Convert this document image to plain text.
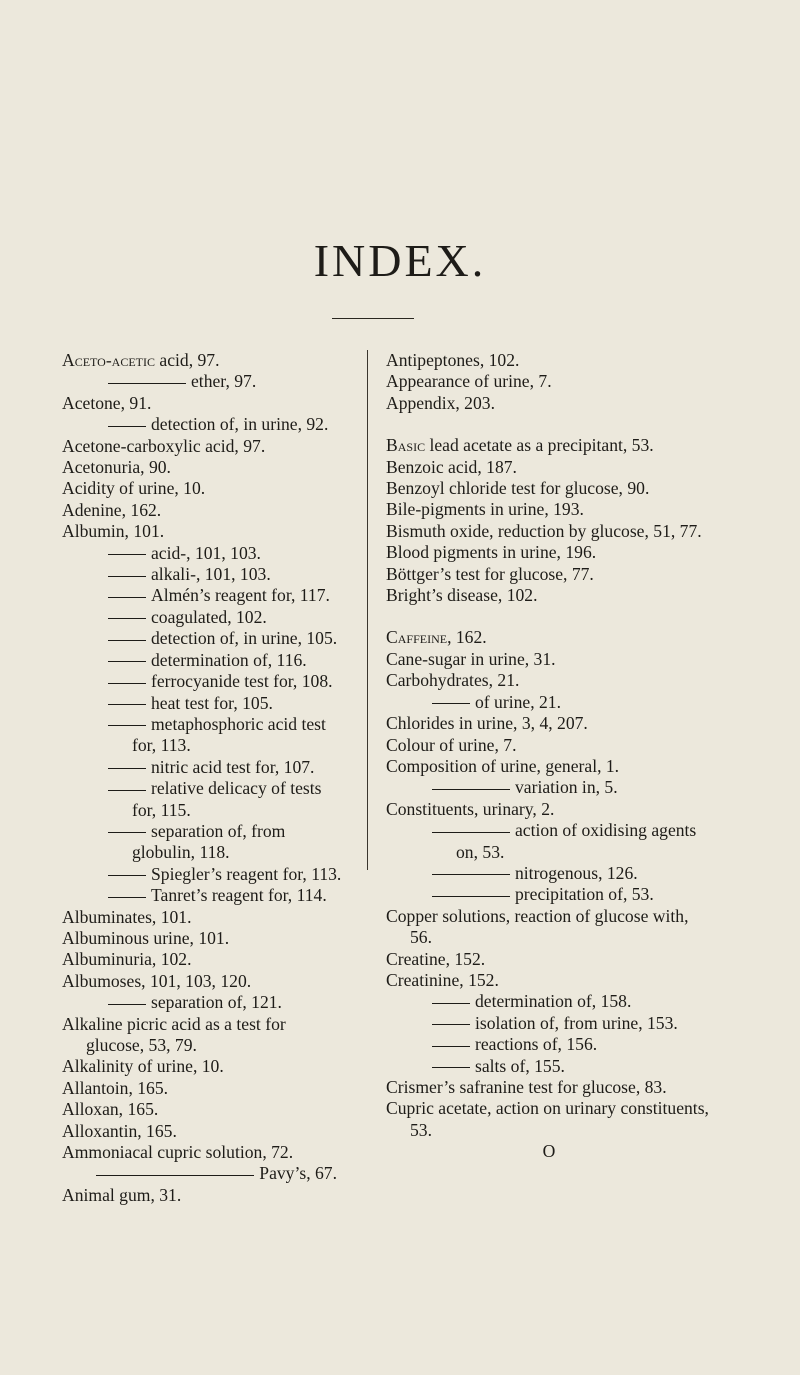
INDEX.
Aceto-acetic acid, 97.
ether, 97.
Acetone, 91.
detection of, in urine, 92.
Acetone-carboxylic acid, 97.
Acetonuria, 90.
Acidity of urine, 10.
Adenine, 162.
Albumin, 101.
acid-, 101, 103.
alkali-, 101, 103.
Almén’s reagent for, 117.
coagulated, 102.
detection of, in urine, 105.
determination of, 116.
ferrocyanide test for, 108.
heat test for, 105.
metaphosphoric acid test for, 113.
nitric acid test for, 107.
relative delicacy of tests for, 115.
separation of, from globulin, 118.
Spiegler’s reagent for, 113.
Tanret’s reagent for, 114.
Albuminates, 101.
Albuminous urine, 101.
Albuminuria, 102.
Albumoses, 101, 103, 120.
separation of, 121.
Alkaline picric acid as a test for glucose, 53, 79.
Alkalinity of urine, 10.
Allantoin, 165.
Alloxan, 165.
Alloxantin, 165.
Ammoniacal cupric solution, 72.
Pavy’s, 67.
Animal gum, 31.
Antipeptones, 102.
Appearance of urine, 7.
Appendix, 203.
Basic lead acetate as a precipitant, 53.
Benzoic acid, 187.
Benzoyl chloride test for glucose, 90.
Bile-pigments in urine, 193.
Bismuth oxide, reduction by glucose, 51, 77.
Blood pigments in urine, 196.
Böttger’s test for glucose, 77.
Bright’s disease, 102.
Caffeine, 162.
Cane-sugar in urine, 31.
Carbohydrates, 21.
of urine, 21.
Chlorides in urine, 3, 4, 207.
Colour of urine, 7.
Composition of urine, general, 1.
variation in, 5.
Constituents, urinary, 2.
action of oxidising agents on, 53.
nitrogenous, 126.
precipitation of, 53.
Copper solutions, reaction of glucose with, 56.
Creatine, 152.
Creatinine, 152.
determination of, 158.
isolation of, from urine, 153.
reactions of, 156.
salts of, 155.
Crismer’s safranine test for glucose, 83.
Cupric acetate, action on urinary constituents, 53.
O
